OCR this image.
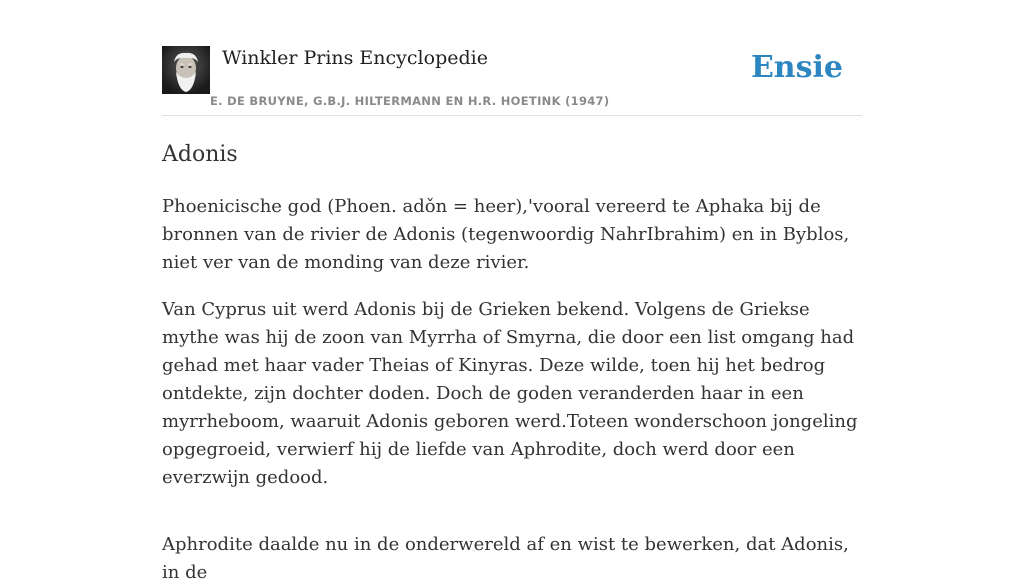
Winkler Prins Encyclopedie
E. DE BRUYNE, G.B.J. HILTERMANN EN H.R. HOETINK (1947)
Ensie
Adonis

Phoenicische god (Phoen. adǒn = heer),'vooral vereerd te Aphaka bij de bronnen van de rivier de Adonis (tegenwoordig NahrIbrahim) en in Byblos, niet ver van de monding van deze rivier.

Van Cyprus uit werd Adonis bij de Grieken bekend. Volgens de Griekse mythe was hij de zoon van Myrrha of Smyrna, die door een list omgang had gehad met haar vader Theias of Kinyras. Deze wilde, toen hij het bedrog ontdekte, zijn dochter doden. Doch de goden veranderden haar in een myrrheboom, waaruit Adonis geboren werd.Toteen wonderschoon jongeling opgegroeid, verwierf hij de liefde van Aphrodite, doch werd door een everzwijn gedood.

Aphrodite daalde nu in de onderwereld af en wist te bewerken, dat Adonis, in de
